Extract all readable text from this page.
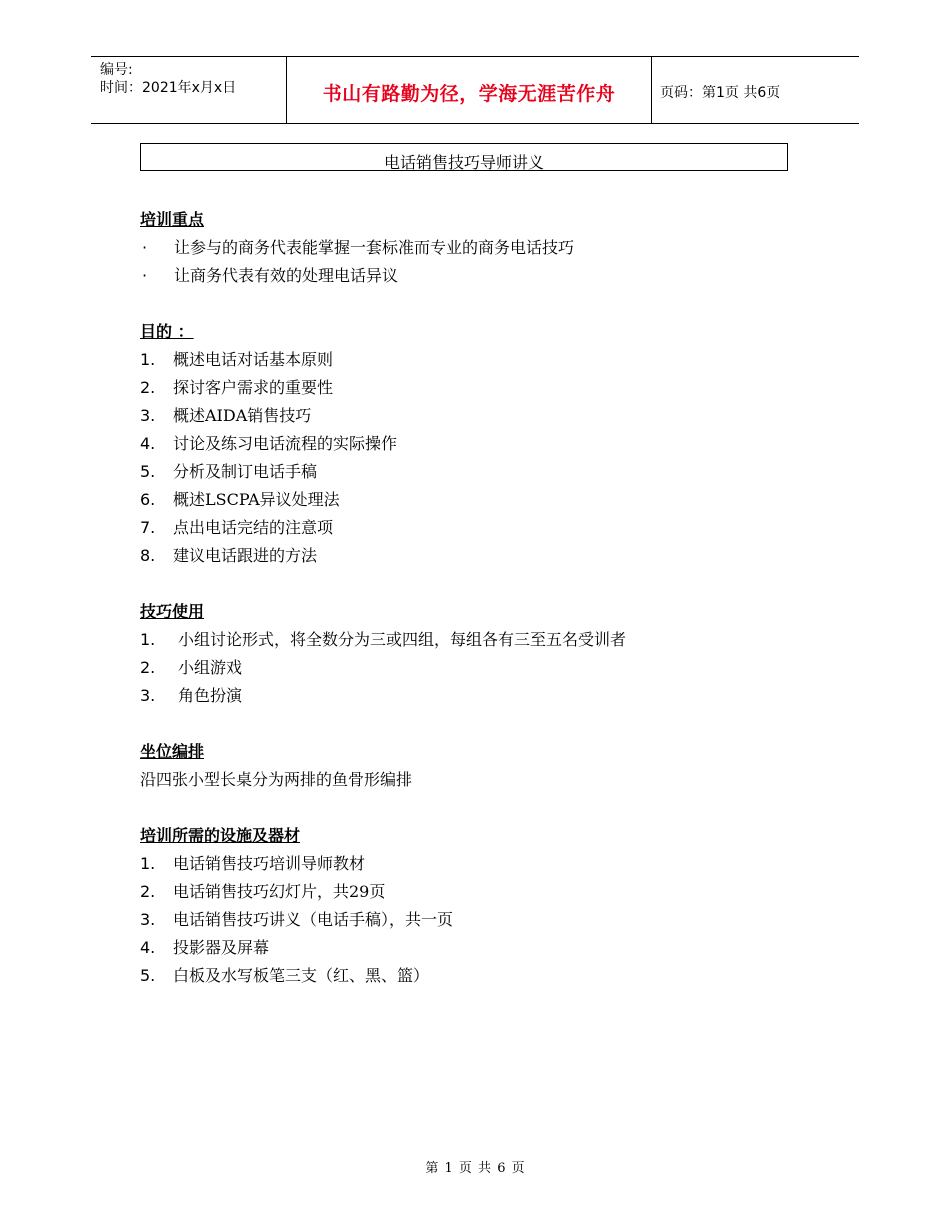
编号:
时间：2021年x月x日	书山有路勤为径，学海无涯苦作舟	页码：第1页 共6页
电话销售技巧导师讲义
培训重点
· 让参与的商务代表能掌握一套标准而专业的商务电话技巧
· 让商务代表有效的处理电话异议
目的 ：
1. 概述电话对话基本原则
2. 探讨客户需求的重要性
3. 概述AIDA销售技巧
4. 讨论及练习电话流程的实际操作
5. 分析及制订电话手稿
6. 概述LSCPA异议处理法
7. 点出电话完结的注意项
8. 建议电话跟进的方法
技巧使用
1. 小组讨论形式，将全数分为三或四组，每组各有三至五名受训者
2. 小组游戏
3. 角色扮演
坐位编排
沿四张小型长桌分为两排的鱼骨形编排
培训所需的设施及器材
1. 电话销售技巧培训导师教材
2. 电话销售技巧幻灯片，共29页
3. 电话销售技巧讲义（电话手稿），共一页
4. 投影器及屏幕
5. 白板及水写板笔三支（红、黑、篮）
第 1 页 共 6 页
